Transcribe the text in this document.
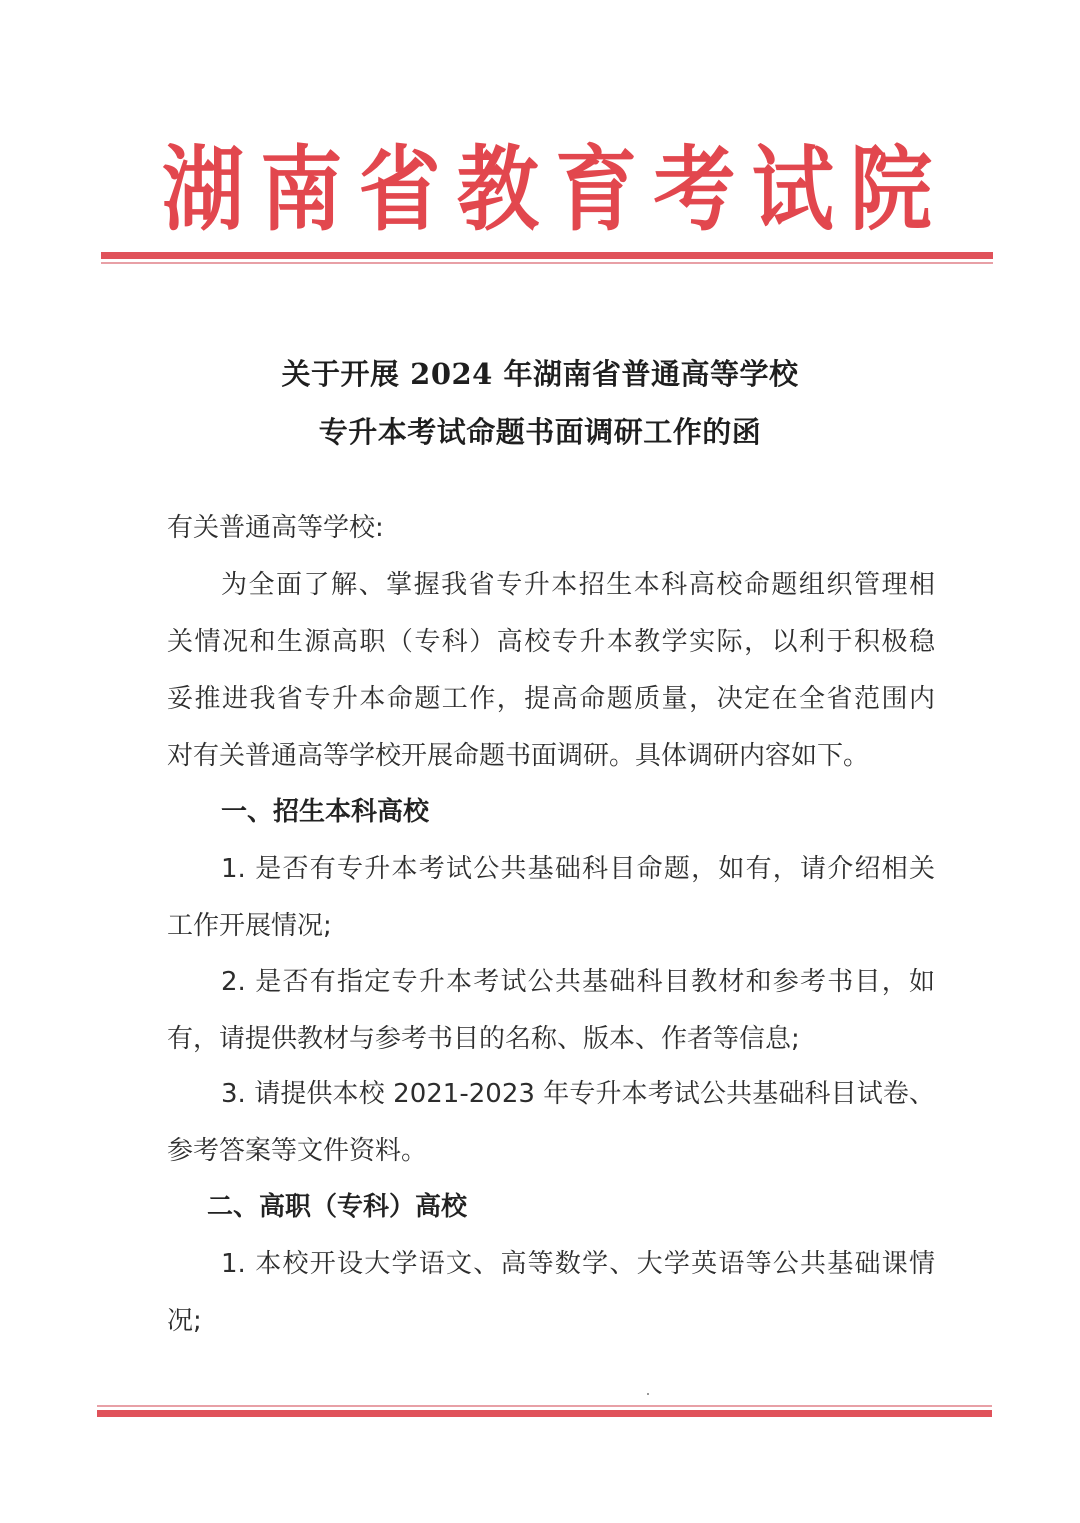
湖 南 省 教 育 考 试 院
关于开展 2024 年湖南省普通高等学校
专升本考试命题书面调研工作的函
有关普通高等学校:
为全面了解、掌握我省专升本招生本科高校命题组织管理相
关情况和生源高职（专科）高校专升本教学实际，以利于积极稳
妥推进我省专升本命题工作，提高命题质量，决定在全省范围内
对有关普通高等学校开展命题书面调研。具体调研内容如下。
一、招生本科高校
1. 是否有专升本考试公共基础科目命题，如有，请介绍相关
工作开展情况;
2. 是否有指定专升本考试公共基础科目教材和参考书目，如
有，请提供教材与参考书目的名称、版本、作者等信息;
3. 请提供本校 2021-2023 年专升本考试公共基础科目试卷、
参考答案等文件资料。
二、高职（专科）高校
1. 本校开设大学语文、高等数学、大学英语等公共基础课情
况;
